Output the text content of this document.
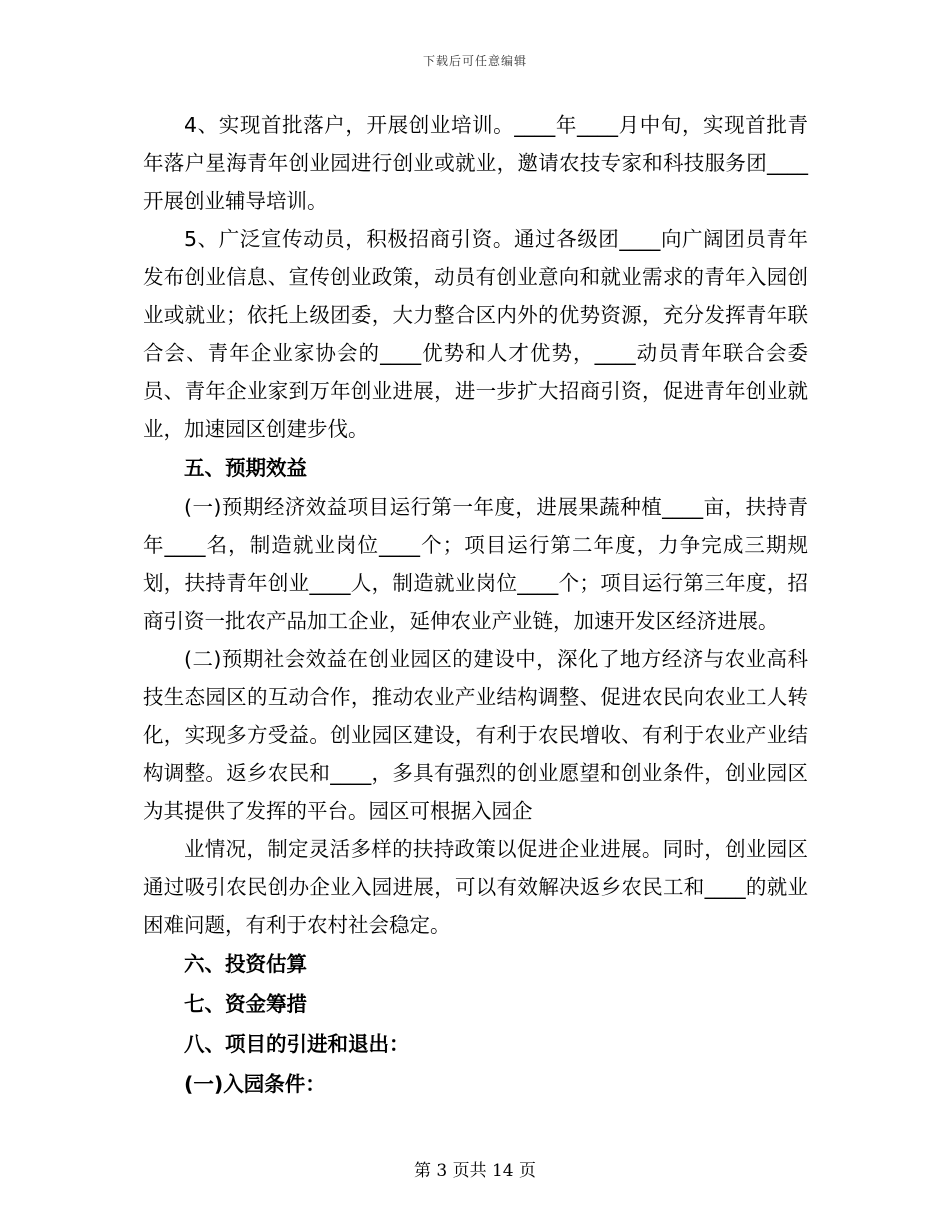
下载后可任意编辑

4、实现首批落户，开展创业培训。____年____月中旬，实现首批青年落户星海青年创业园进行创业或就业，邀请农技专家和科技服务团____开展创业辅导培训。

5、广泛宣传动员，积极招商引资。通过各级团____向广阔团员青年发布创业信息、宣传创业政策，动员有创业意向和就业需求的青年入园创业或就业；依托上级团委，大力整合区内外的优势资源，充分发挥青年联合会、青年企业家协会的____优势和人才优势，____动员青年联合会委员、青年企业家到万年创业进展，进一步扩大招商引资，促进青年创业就业，加速园区创建步伐。

五、预期效益

(一)预期经济效益项目运行第一年度，进展果蔬种植____亩，扶持青年____名，制造就业岗位____个；项目运行第二年度，力争完成三期规划，扶持青年创业____人，制造就业岗位____个；项目运行第三年度，招商引资一批农产品加工企业，延伸农业产业链，加速开发区经济进展。

(二)预期社会效益在创业园区的建设中，深化了地方经济与农业高科技生态园区的互动合作，推动农业产业结构调整、促进农民向农业工人转化，实现多方受益。创业园区建设，有利于农民增收、有利于农业产业结构调整。返乡农民和____，多具有强烈的创业愿望和创业条件，创业园区为其提供了发挥的平台。园区可根据入园企

业情况，制定灵活多样的扶持政策以促进企业进展。同时，创业园区通过吸引农民创办企业入园进展，可以有效解决返乡农民工和____的就业困难问题，有利于农村社会稳定。

六、投资估算

七、资金筹措

八、项目的引进和退出：

(一)入园条件：

第 3 页共 14 页
